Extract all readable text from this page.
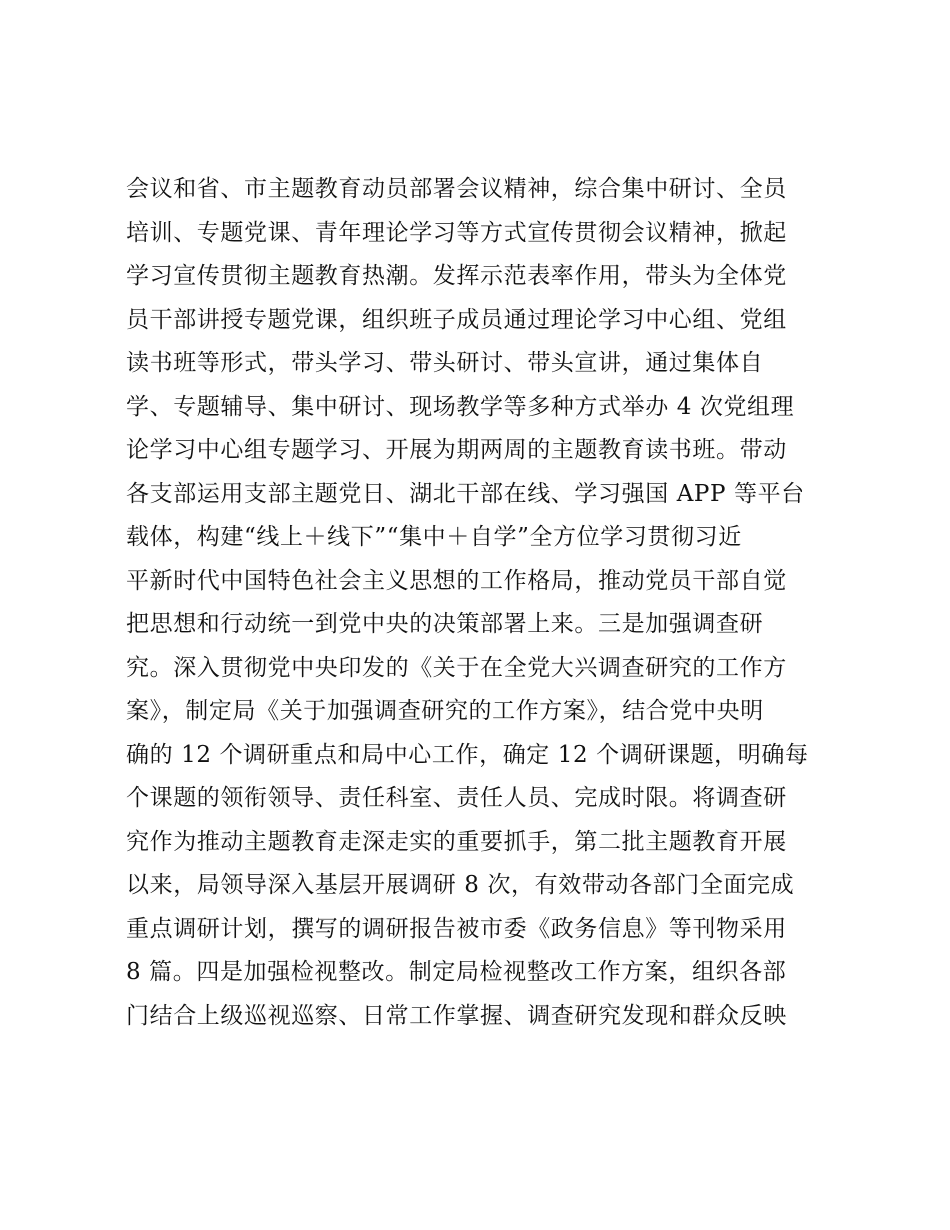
会议和省、市主题教育动员部署会议精神，综合集中研讨、全员
培训、专题党课、青年理论学习等方式宣传贯彻会议精神，掀起
学习宣传贯彻主题教育热潮。发挥示范表率作用，带头为全体党
员干部讲授专题党课，组织班子成员通过理论学习中心组、党组
读书班等形式，带头学习、带头研讨、带头宣讲，通过集体自
学、专题辅导、集中研讨、现场教学等多种方式举办 4 次党组理
论学习中心组专题学习、开展为期两周的主题教育读书班。带动
各支部运用支部主题党日、湖北干部在线、学习强国 APP 等平台
载体，构建“线上＋线下”“集中＋自学”全方位学习贯彻习近
平新时代中国特色社会主义思想的工作格局，推动党员干部自觉
把思想和行动统一到党中央的决策部署上来。三是加强调查研
究。深入贯彻党中央印发的《关于在全党大兴调查研究的工作方
案》，制定局《关于加强调查研究的工作方案》，结合党中央明
确的 12 个调研重点和局中心工作，确定 12 个调研课题，明确每
个课题的领衔领导、责任科室、责任人员、完成时限。将调查研
究作为推动主题教育走深走实的重要抓手，第二批主题教育开展
以来，局领导深入基层开展调研 8 次，有效带动各部门全面完成
重点调研计划，撰写的调研报告被市委《政务信息》等刊物采用
8 篇。四是加强检视整改。制定局检视整改工作方案，组织各部
门结合上级巡视巡察、日常工作掌握、调查研究发现和群众反映
